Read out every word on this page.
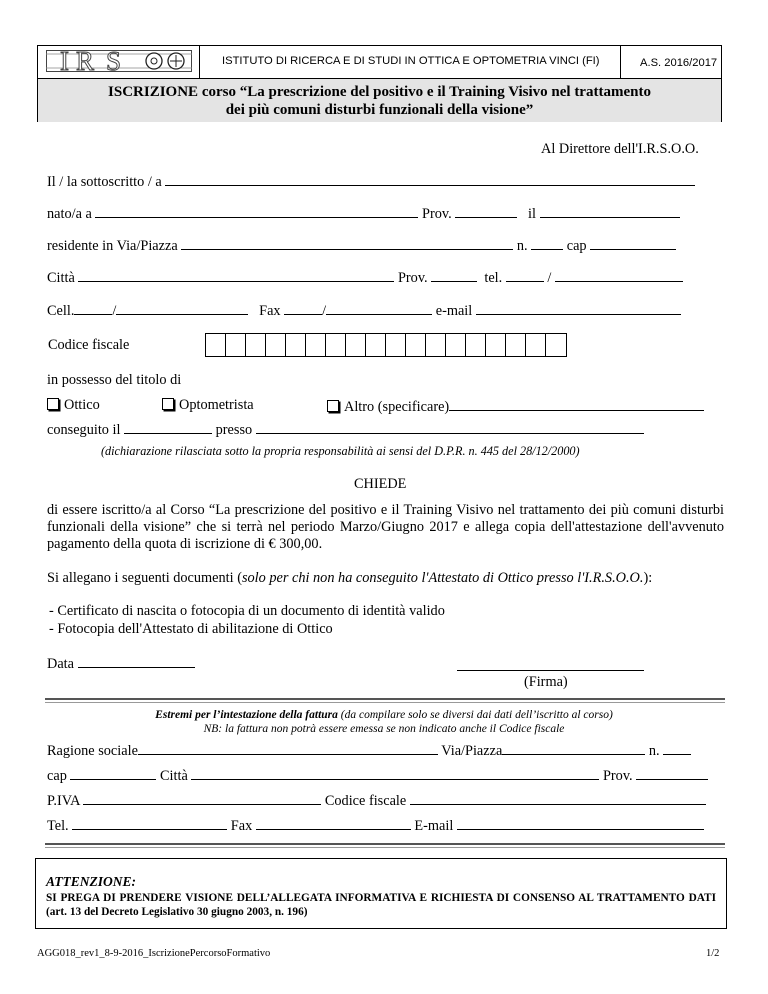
I R S	ISTITUTO DI RICERCA E DI STUDI IN OTTICA E OPTOMETRIA VINCI (FI)	A.S. 2016/2017
ISCRIZIONE corso “La prescrizione del positivo e il Training Visivo nel trattamento
dei più comuni disturbi funzionali della visione”
Al Direttore dell'I.R.S.O.O.
Il / la sottoscritto / a
nato/a a	Prov.	il
residente in Via/Piazza	n.	cap
Città	Prov.	tel.	/
Cell.	/	Fax	/	e-mail
Codice fiscale
in possesso del titolo di
Ottico	Optometrista	Altro (specificare)
conseguito il	presso
(dichiarazione rilasciata sotto la propria responsabilità ai sensi del D.P.R. n. 445 del 28/12/2000)
CHIEDE
di essere iscritto/a al Corso “La prescrizione del positivo e il Training Visivo nel trattamento dei più comuni disturbi funzionali della visione” che si terrà nel periodo Marzo/Giugno 2017 e allega copia dell'attestazione dell'avvenuto pagamento della quota di iscrizione di € 300,00.
Si allegano i seguenti documenti (solo per chi non ha conseguito l'Attestato di Ottico presso l'I.R.S.O.O.):
- Certificato di nascita o fotocopia di un documento di identità valido
- Fotocopia dell'Attestato di abilitazione di Ottico
Data
(Firma)
Estremi per l’intestazione della fattura (da compilare solo se diversi dai dati dell’iscritto al corso)
NB: la fattura non potrà essere emessa se non indicato anche il Codice fiscale
Ragione sociale	Via/Piazza	n.
cap	Città	Prov.
P.IVA	Codice fiscale
Tel.	Fax	E-mail
ATTENZIONE:
SI PREGA DI PRENDERE VISIONE DELL’ALLEGATA INFORMATIVA E RICHIESTA DI CONSENSO AL TRATTAMENTO DATI (art. 13 del Decreto Legislativo 30 giugno 2003, n. 196)
AGG018_rev1_8-9-2016_IscrizionePercorsoFormativo	1/2
